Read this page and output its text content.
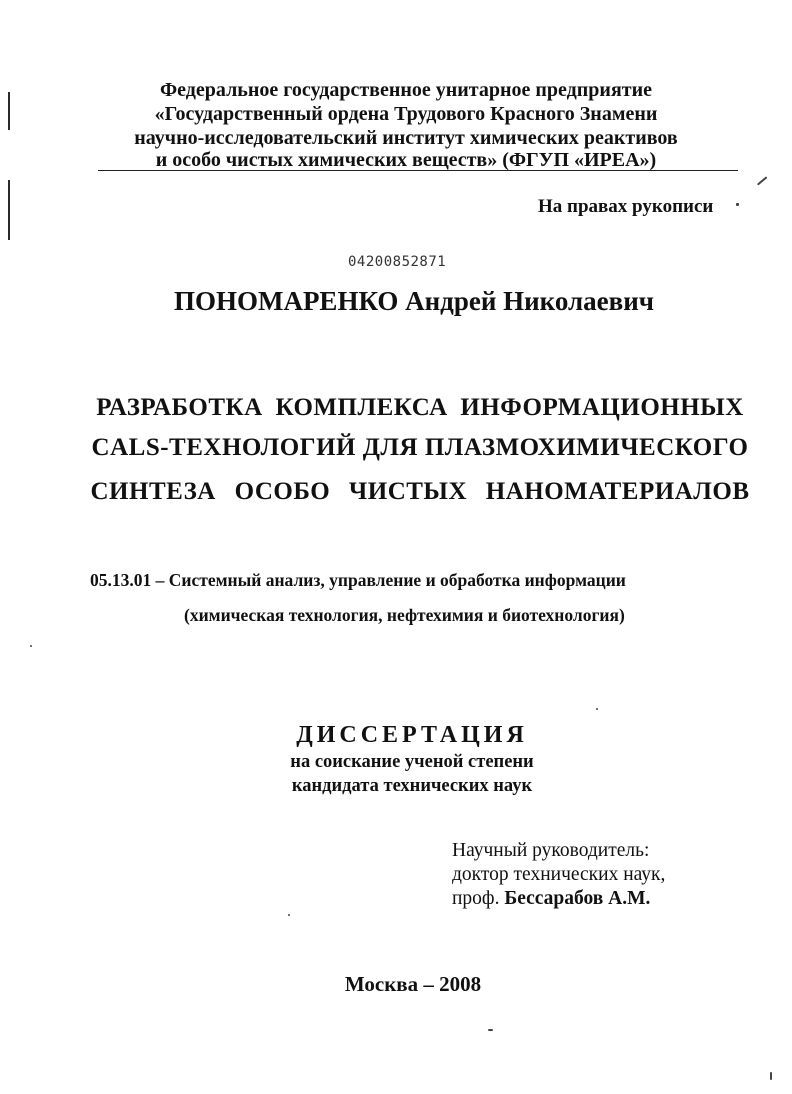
Федеральное государственное унитарное предприятие
«Государственный ордена Трудового Красного Знамени
научно-исследовательский институт химических реактивов
и особо чистых химических веществ» (ФГУП «ИРЕА»)
На правах рукописи
04200852871
ПОНОМАРЕНКО Андрей Николаевич
РАЗРАБОТКА КОМПЛЕКСА ИНФОРМАЦИОННЫХ
CALS-ТЕХНОЛОГИЙ ДЛЯ ПЛАЗМОХИМИЧЕСКОГО
СИНТЕЗА ОСОБО ЧИСТЫХ НАНОМАТЕРИАЛОВ
05.13.01 – Системный анализ, управление и обработка информации
(химическая технология, нефтехимия и биотехнология)
ДИССЕРТАЦИЯ
на соискание ученой степени
кандидата технических наук
Научный руководитель:
доктор технических наук,
проф. Бессарабов А.М.
Москва – 2008
